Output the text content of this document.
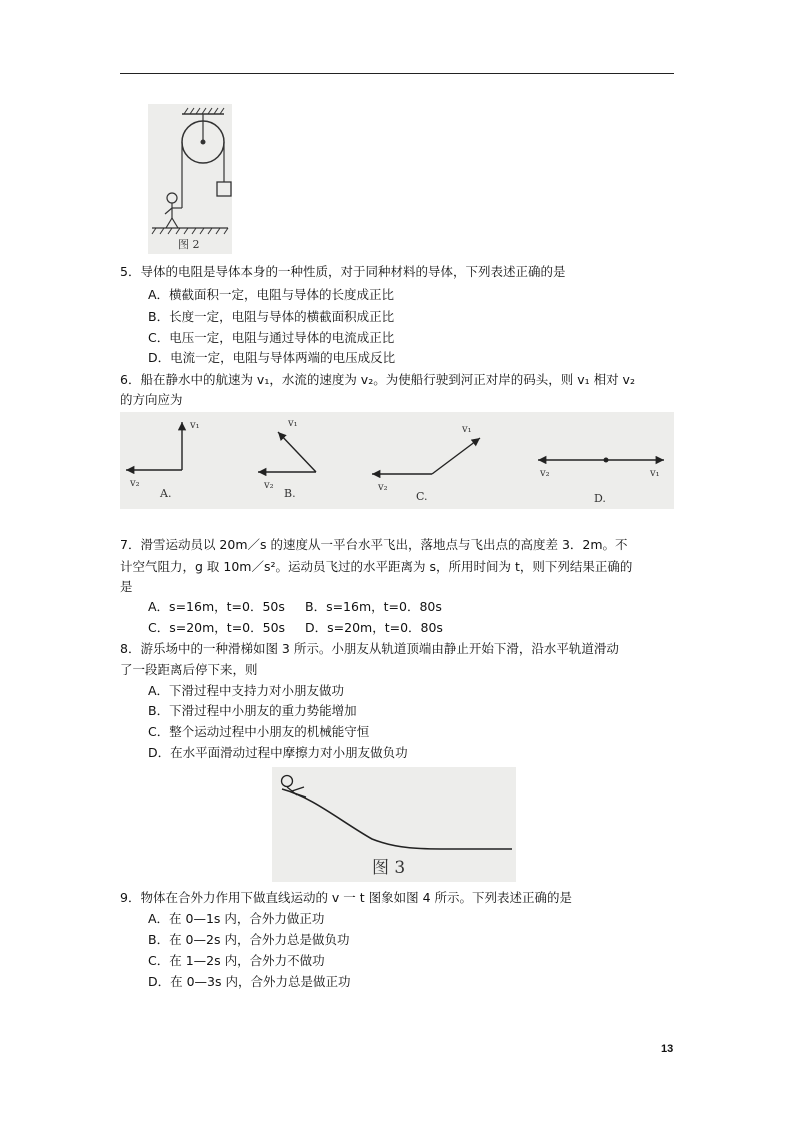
图 2
5．导体的电阻是导体本身的一种性质，对于同种材料的导体，下列表述正确的是
A．横截面积一定，电阻与导体的长度成正比
B．长度一定，电阻与导体的横截面积成正比
C．电压一定，电阻与通过导体的电流成正比
D．电流一定，电阻与导体两端的电压成反比
6．船在静水中的航速为 v₁，水流的速度为 v₂。为使船行驶到河正对岸的码头，则 v₁ 相对 v₂
的方向应为
v₁
v₂
A.
v₁
v₂
B.
v₁
v₂
C.
v₁
v₂
D.
7．滑雪运动员以 20m／s 的速度从一平台水平飞出，落地点与飞出点的高度差 3．2m。不
计空气阻力，g 取 10m／s²。运动员飞过的水平距离为 s，所用时间为 t，则下列结果正确的
是
A．s=16m，t=0．50s B．s=16m，t=0．80s
C．s=20m，t=0．50s D．s=20m，t=0．80s
8．游乐场中的一种滑梯如图 3 所示。小朋友从轨道顶端由静止开始下滑，沿水平轨道滑动
了一段距离后停下来，则
A．下滑过程中支持力对小朋友做功
B．下滑过程中小朋友的重力势能增加
C．整个运动过程中小朋友的机械能守恒
D．在水平面滑动过程中摩擦力对小朋友做负功
图 3
9．物体在合外力作用下做直线运动的 v 一 t 图象如图 4 所示。下列表述正确的是
A．在 0—1s 内，合外力做正功
B．在 0—2s 内，合外力总是做负功
C．在 1—2s 内，合外力不做功
D．在 0—3s 内，合外力总是做正功
13
